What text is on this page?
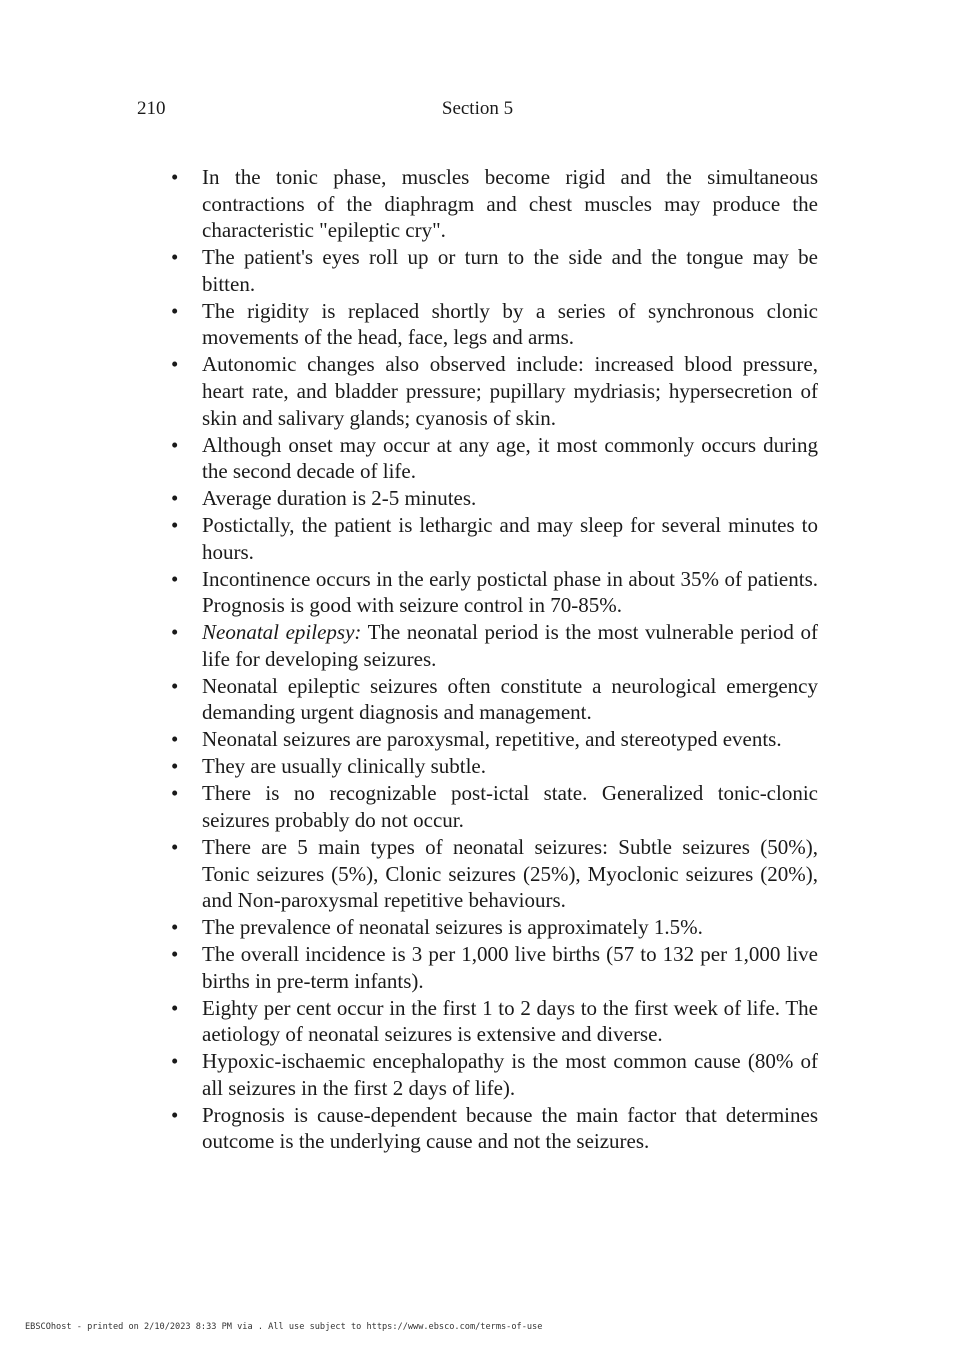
210	Section 5
• In the tonic phase, muscles become rigid and the simultaneous contractions of the diaphragm and chest muscles may produce the characteristic "epileptic cry".
• The patient's eyes roll up or turn to the side and the tongue may be bitten.
• The rigidity is replaced shortly by a series of synchronous clonic movements of the head, face, legs and arms.
• Autonomic changes also observed include: increased blood pressure, heart rate, and bladder pressure; pupillary mydriasis; hypersecretion of skin and salivary glands; cyanosis of skin.
• Although onset may occur at any age, it most commonly occurs during the second decade of life.
• Average duration is 2-5 minutes.
• Postictally, the patient is lethargic and may sleep for several minutes to hours.
• Incontinence occurs in the early postictal phase in about 35% of patients. Prognosis is good with seizure control in 70-85%.
• Neonatal epilepsy: The neonatal period is the most vulnerable period of life for developing seizures.
• Neonatal epileptic seizures often constitute a neurological emergency demanding urgent diagnosis and management.
• Neonatal seizures are paroxysmal, repetitive, and stereotyped events.
• They are usually clinically subtle.
• There is no recognizable post-ictal state. Generalized tonic-clonic seizures probably do not occur.
• There are 5 main types of neonatal seizures: Subtle seizures (50%), Tonic seizures (5%), Clonic seizures (25%), Myoclonic seizures (20%), and Non-paroxysmal repetitive behaviours.
• The prevalence of neonatal seizures is approximately 1.5%.
• The overall incidence is 3 per 1,000 live births (57 to 132 per 1,000 live births in pre-term infants).
• Eighty per cent occur in the first 1 to 2 days to the first week of life. The aetiology of neonatal seizures is extensive and diverse.
• Hypoxic-ischaemic encephalopathy is the most common cause (80% of all seizures in the first 2 days of life).
• Prognosis is cause-dependent because the main factor that determines outcome is the underlying cause and not the seizures.
EBSCOhost - printed on 2/10/2023 8:33 PM via . All use subject to https://www.ebsco.com/terms-of-use
